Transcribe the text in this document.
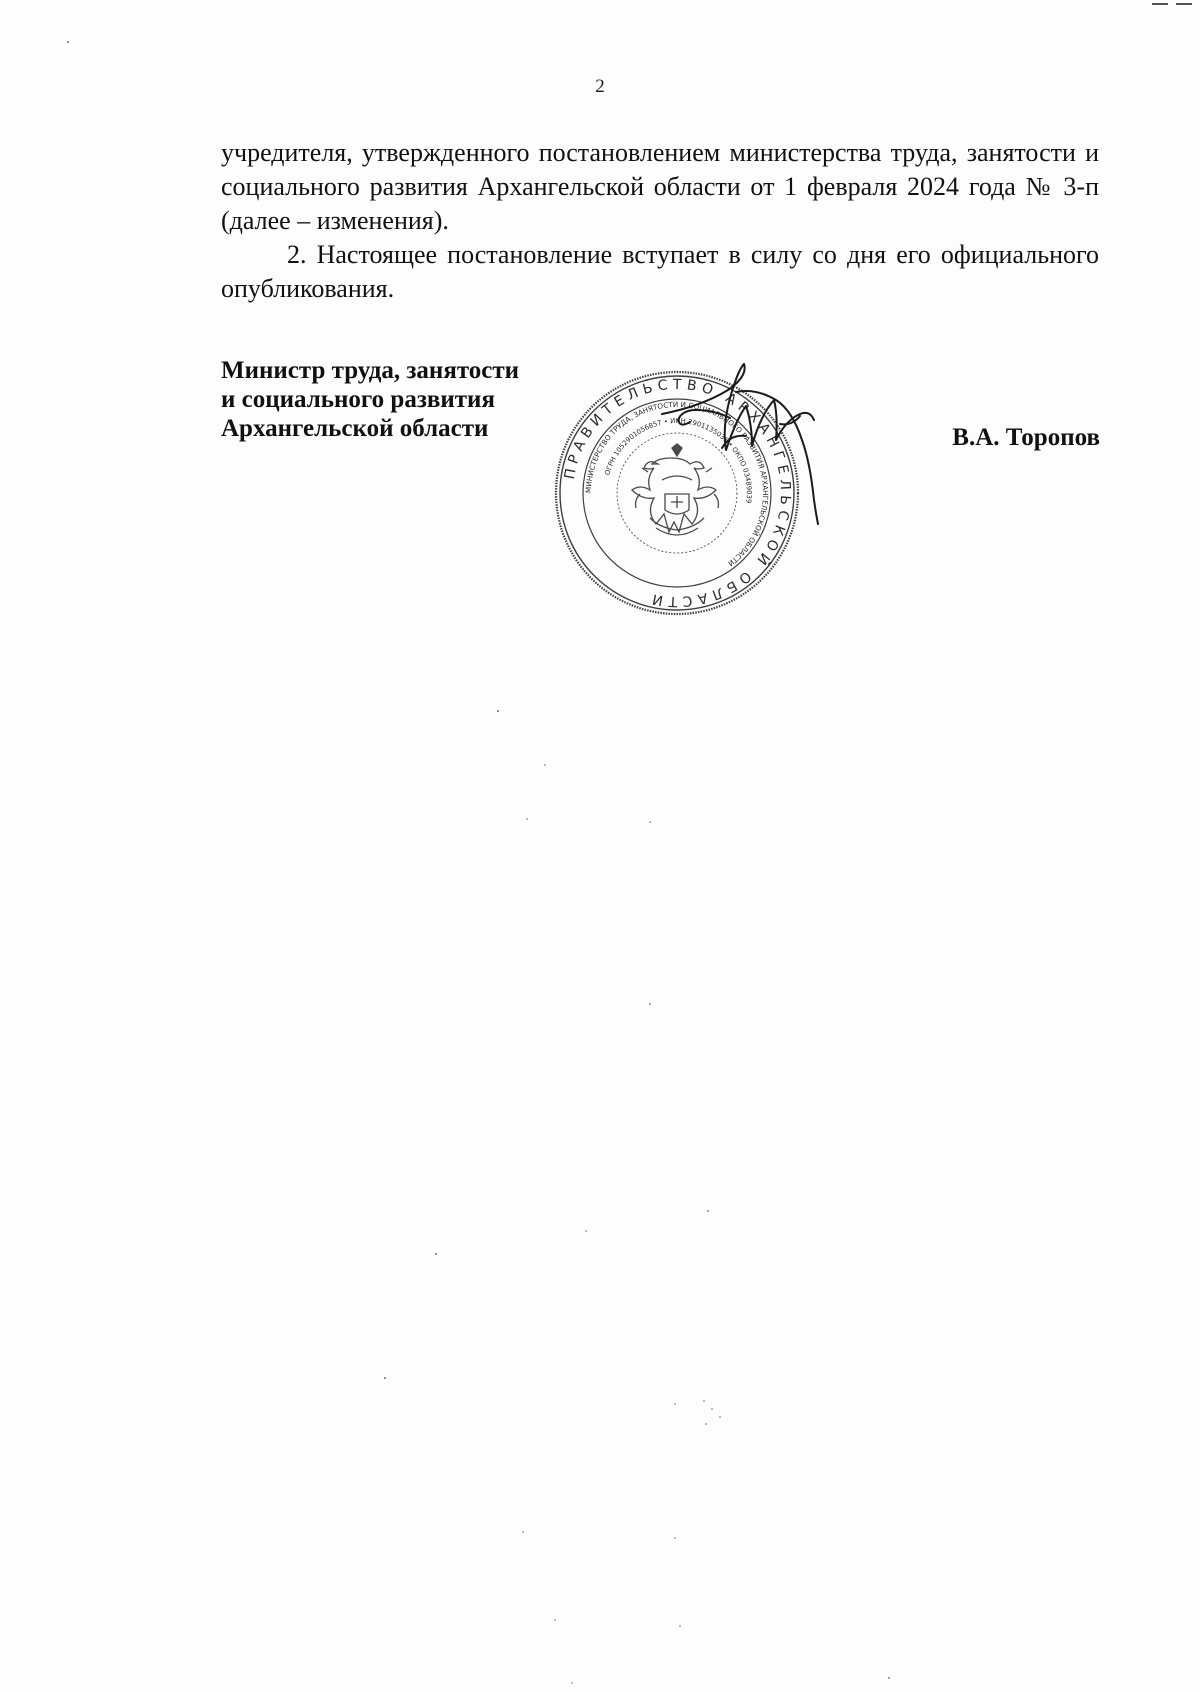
2

учредителя, утвержденного постановлением министерства труда, занятости и социального развития Архангельской области от 1 февраля 2024 года № 3-п (далее – изменения).

2. Настоящее постановление вступает в силу со дня его официального опубликования.

Министр труда, занятости
и социального развития
Архангельской области
ПРАВИТЕЛЬСТВО АРХАНГЕЛЬСКОЙ ОБЛАСТИ
МИНИСТЕРСТВО ТРУДА, ЗАНЯТОСТИ И СОЦИАЛЬНОГО РАЗВИТИЯ АРХАНГЕЛЬСКОЙ ОБЛАСТИ
ОГРН 1052901056857 • ИНН 2901135036 • ОКПО 03489039
В.А. Торопов
